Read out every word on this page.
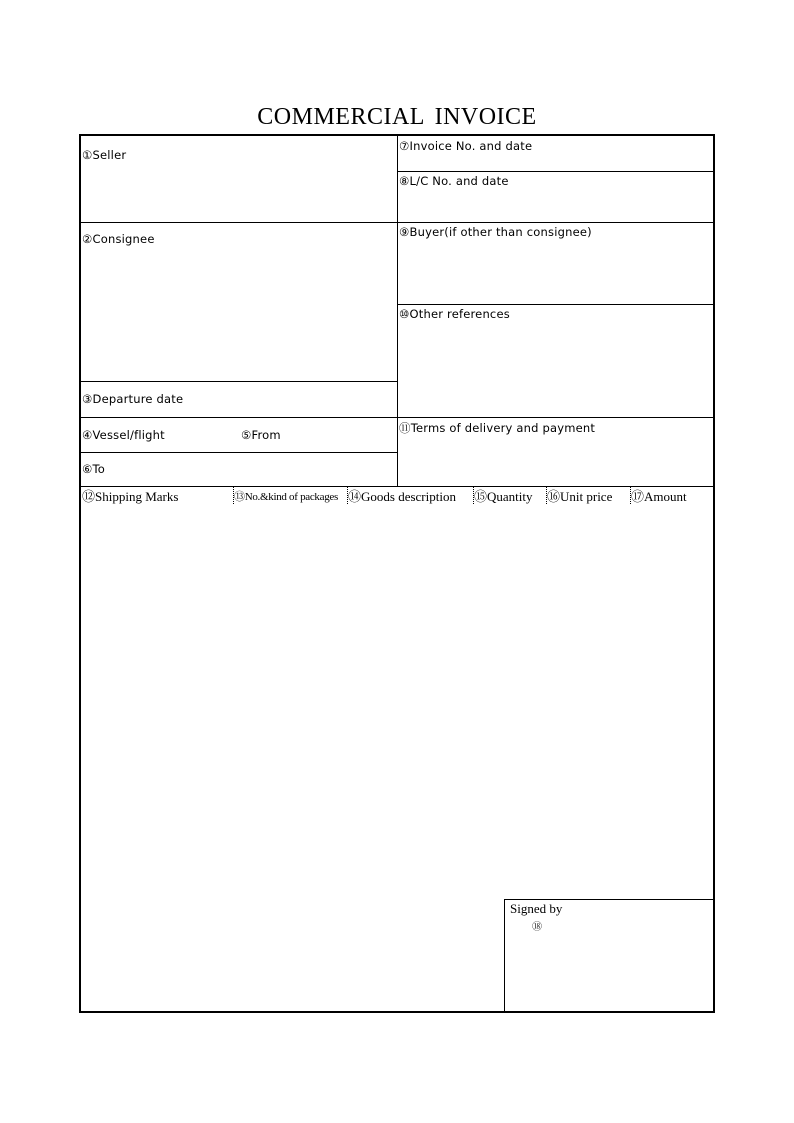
COMMERCIAL INVOICE
①Seller
⑦Invoice No. and date
⑧L/C No. and date
②Consignee	⑨Buyer(if other than consignee)
⑩Other references
③Departure date
④Vessel/flight	⑤From	⑪Terms of delivery and payment
⑥To
⑫Shipping Marks	⑬No.&kind of packages ⑭Goods description ⑮Quantity ⑯Unit price ⑰Amount
Signed by
⑱
